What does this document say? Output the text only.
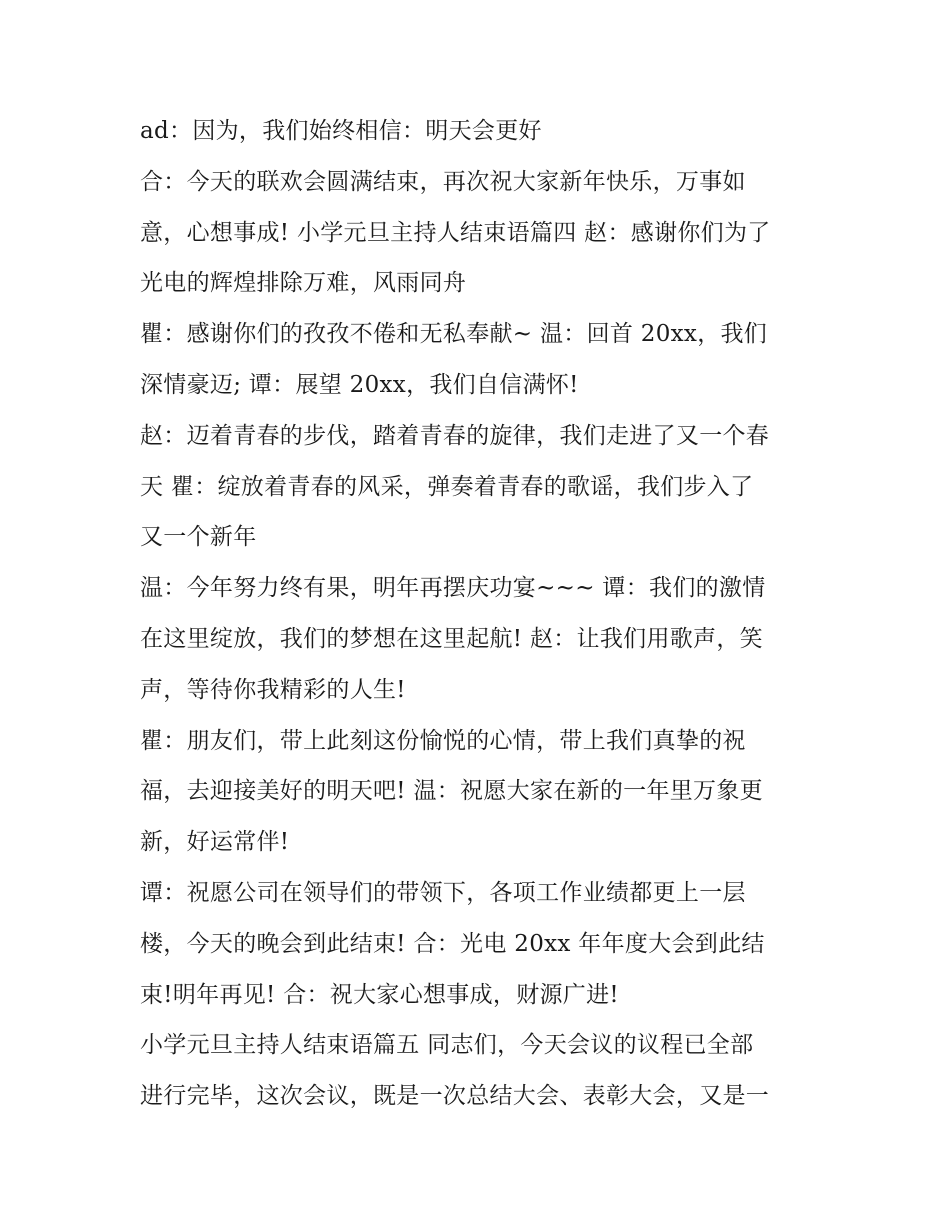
ad：因为，我们始终相信：明天会更好
合：今天的联欢会圆满结束，再次祝大家新年快乐，万事如
意，心想事成! 小学元旦主持人结束语篇四 赵：感谢你们为了
光电的辉煌排除万难，风雨同舟
瞿：感谢你们的孜孜不倦和无私奉献~ 温：回首 20xx，我们
深情豪迈; 谭：展望 20xx，我们自信满怀!
赵：迈着青春的步伐，踏着青春的旋律，我们走进了又一个春
天 瞿：绽放着青春的风采，弹奏着青春的歌谣，我们步入了
又一个新年
温：今年努力终有果，明年再摆庆功宴~~~ 谭：我们的激情
在这里绽放，我们的梦想在这里起航! 赵：让我们用歌声，笑
声，等待你我精彩的人生!
瞿：朋友们，带上此刻这份愉悦的心情，带上我们真挚的祝
福，去迎接美好的明天吧! 温：祝愿大家在新的一年里万象更
新，好运常伴!
谭：祝愿公司在领导们的带领下，各项工作业绩都更上一层
楼，今天的晚会到此结束! 合：光电 20xx 年年度大会到此结
束!明年再见! 合：祝大家心想事成，财源广进!
小学元旦主持人结束语篇五 同志们，今天会议的议程已全部
进行完毕，这次会议，既是一次总结大会、表彰大会，又是一
